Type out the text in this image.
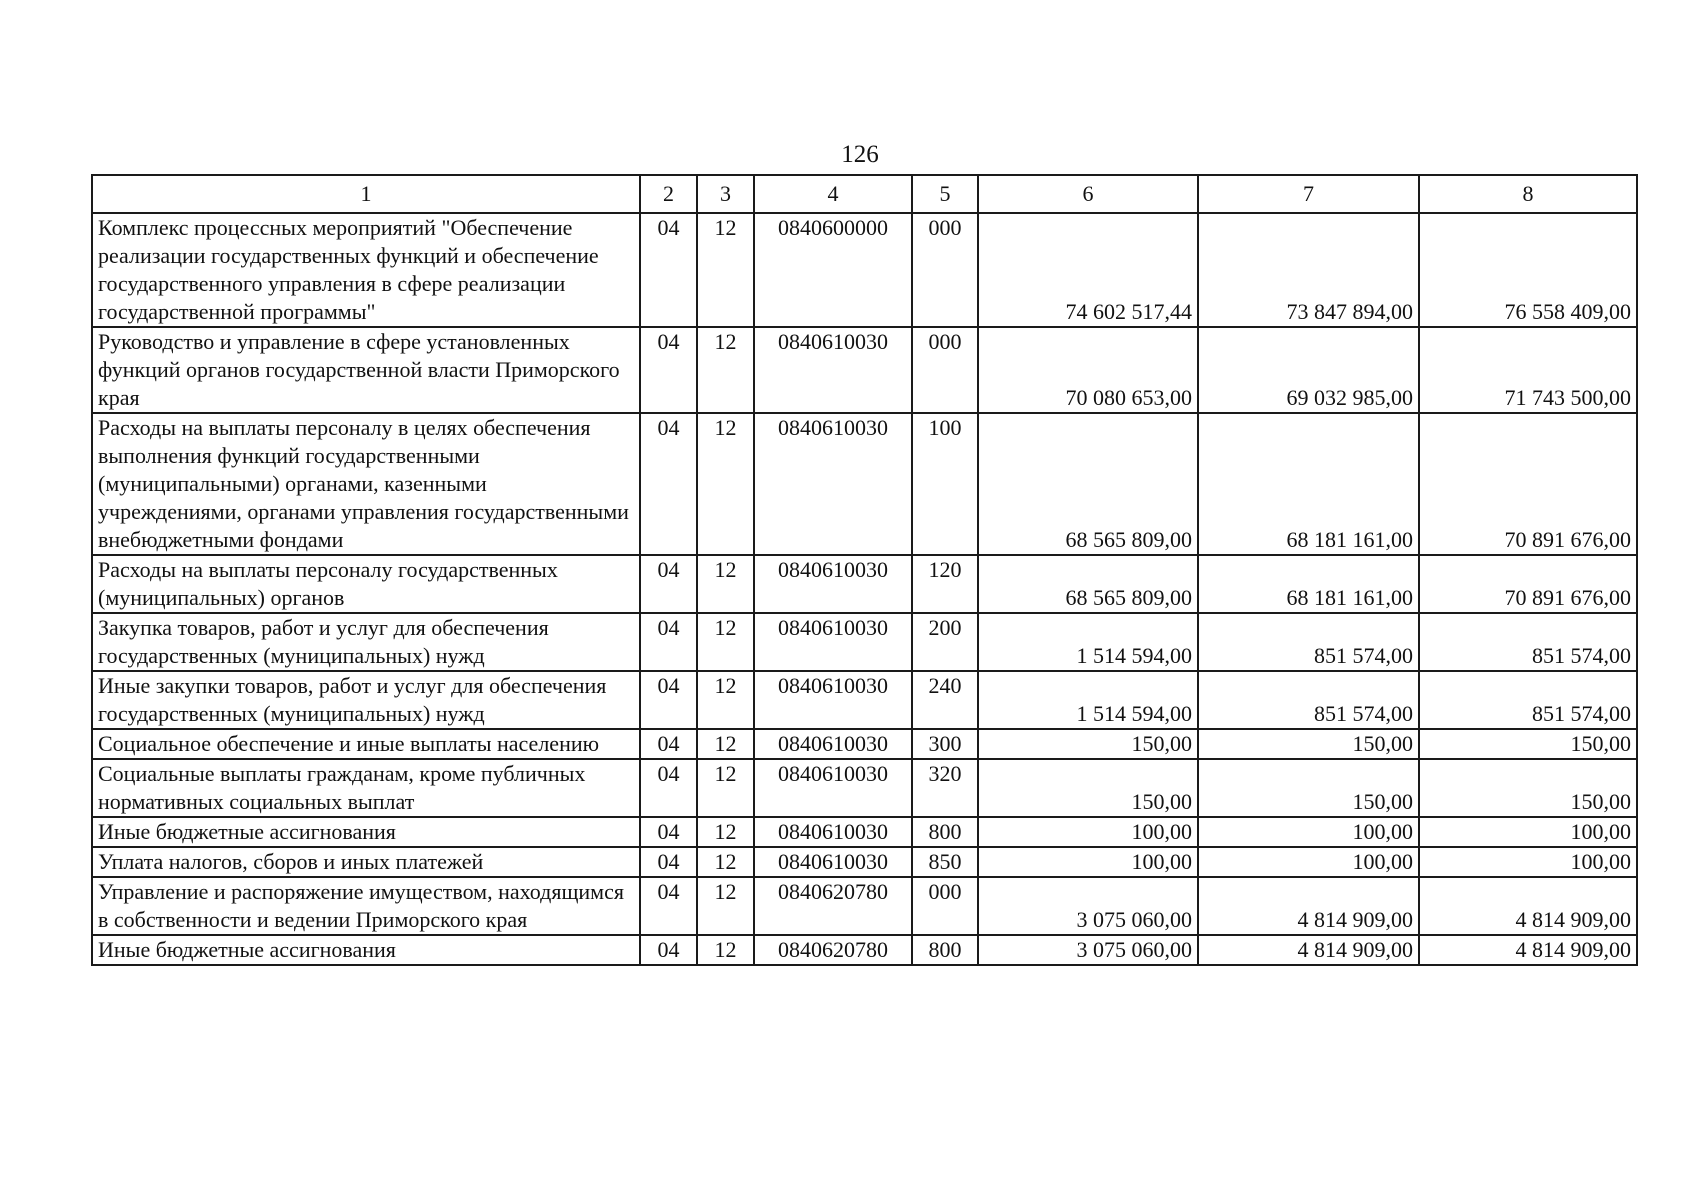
126
1	2	3	4	5	6	7	8
Комплекс процессных мероприятий "Обеспечение реализации государственных функций и обеспечение государственного управления в сфере реализации государственной программы"	04	12	0840600000	000	74 602 517,44	73 847 894,00	76 558 409,00
Руководство и управление в сфере установленных функций органов государственной власти Приморского края	04	12	0840610030	000	70 080 653,00	69 032 985,00	71 743 500,00
Расходы на выплаты персоналу в целях обеспечения выполнения функций государственными (муниципальными) органами, казенными учреждениями, органами управления государственными внебюджетными фондами	04	12	0840610030	100	68 565 809,00	68 181 161,00	70 891 676,00
Расходы на выплаты персоналу государственных (муниципальных) органов	04	12	0840610030	120	68 565 809,00	68 181 161,00	70 891 676,00
Закупка товаров, работ и услуг для обеспечения государственных (муниципальных) нужд	04	12	0840610030	200	1 514 594,00	851 574,00	851 574,00
Иные закупки товаров, работ и услуг для обеспечения государственных (муниципальных) нужд	04	12	0840610030	240	1 514 594,00	851 574,00	851 574,00
Социальное обеспечение и иные выплаты населению	04	12	0840610030	300	150,00	150,00	150,00
Социальные выплаты гражданам, кроме публичных нормативных социальных выплат	04	12	0840610030	320	150,00	150,00	150,00
Иные бюджетные ассигнования	04	12	0840610030	800	100,00	100,00	100,00
Уплата налогов, сборов и иных платежей	04	12	0840610030	850	100,00	100,00	100,00
Управление и распоряжение имуществом, находящимся в собственности и ведении Приморского края	04	12	0840620780	000	3 075 060,00	4 814 909,00	4 814 909,00
Иные бюджетные ассигнования	04	12	0840620780	800	3 075 060,00	4 814 909,00	4 814 909,00
